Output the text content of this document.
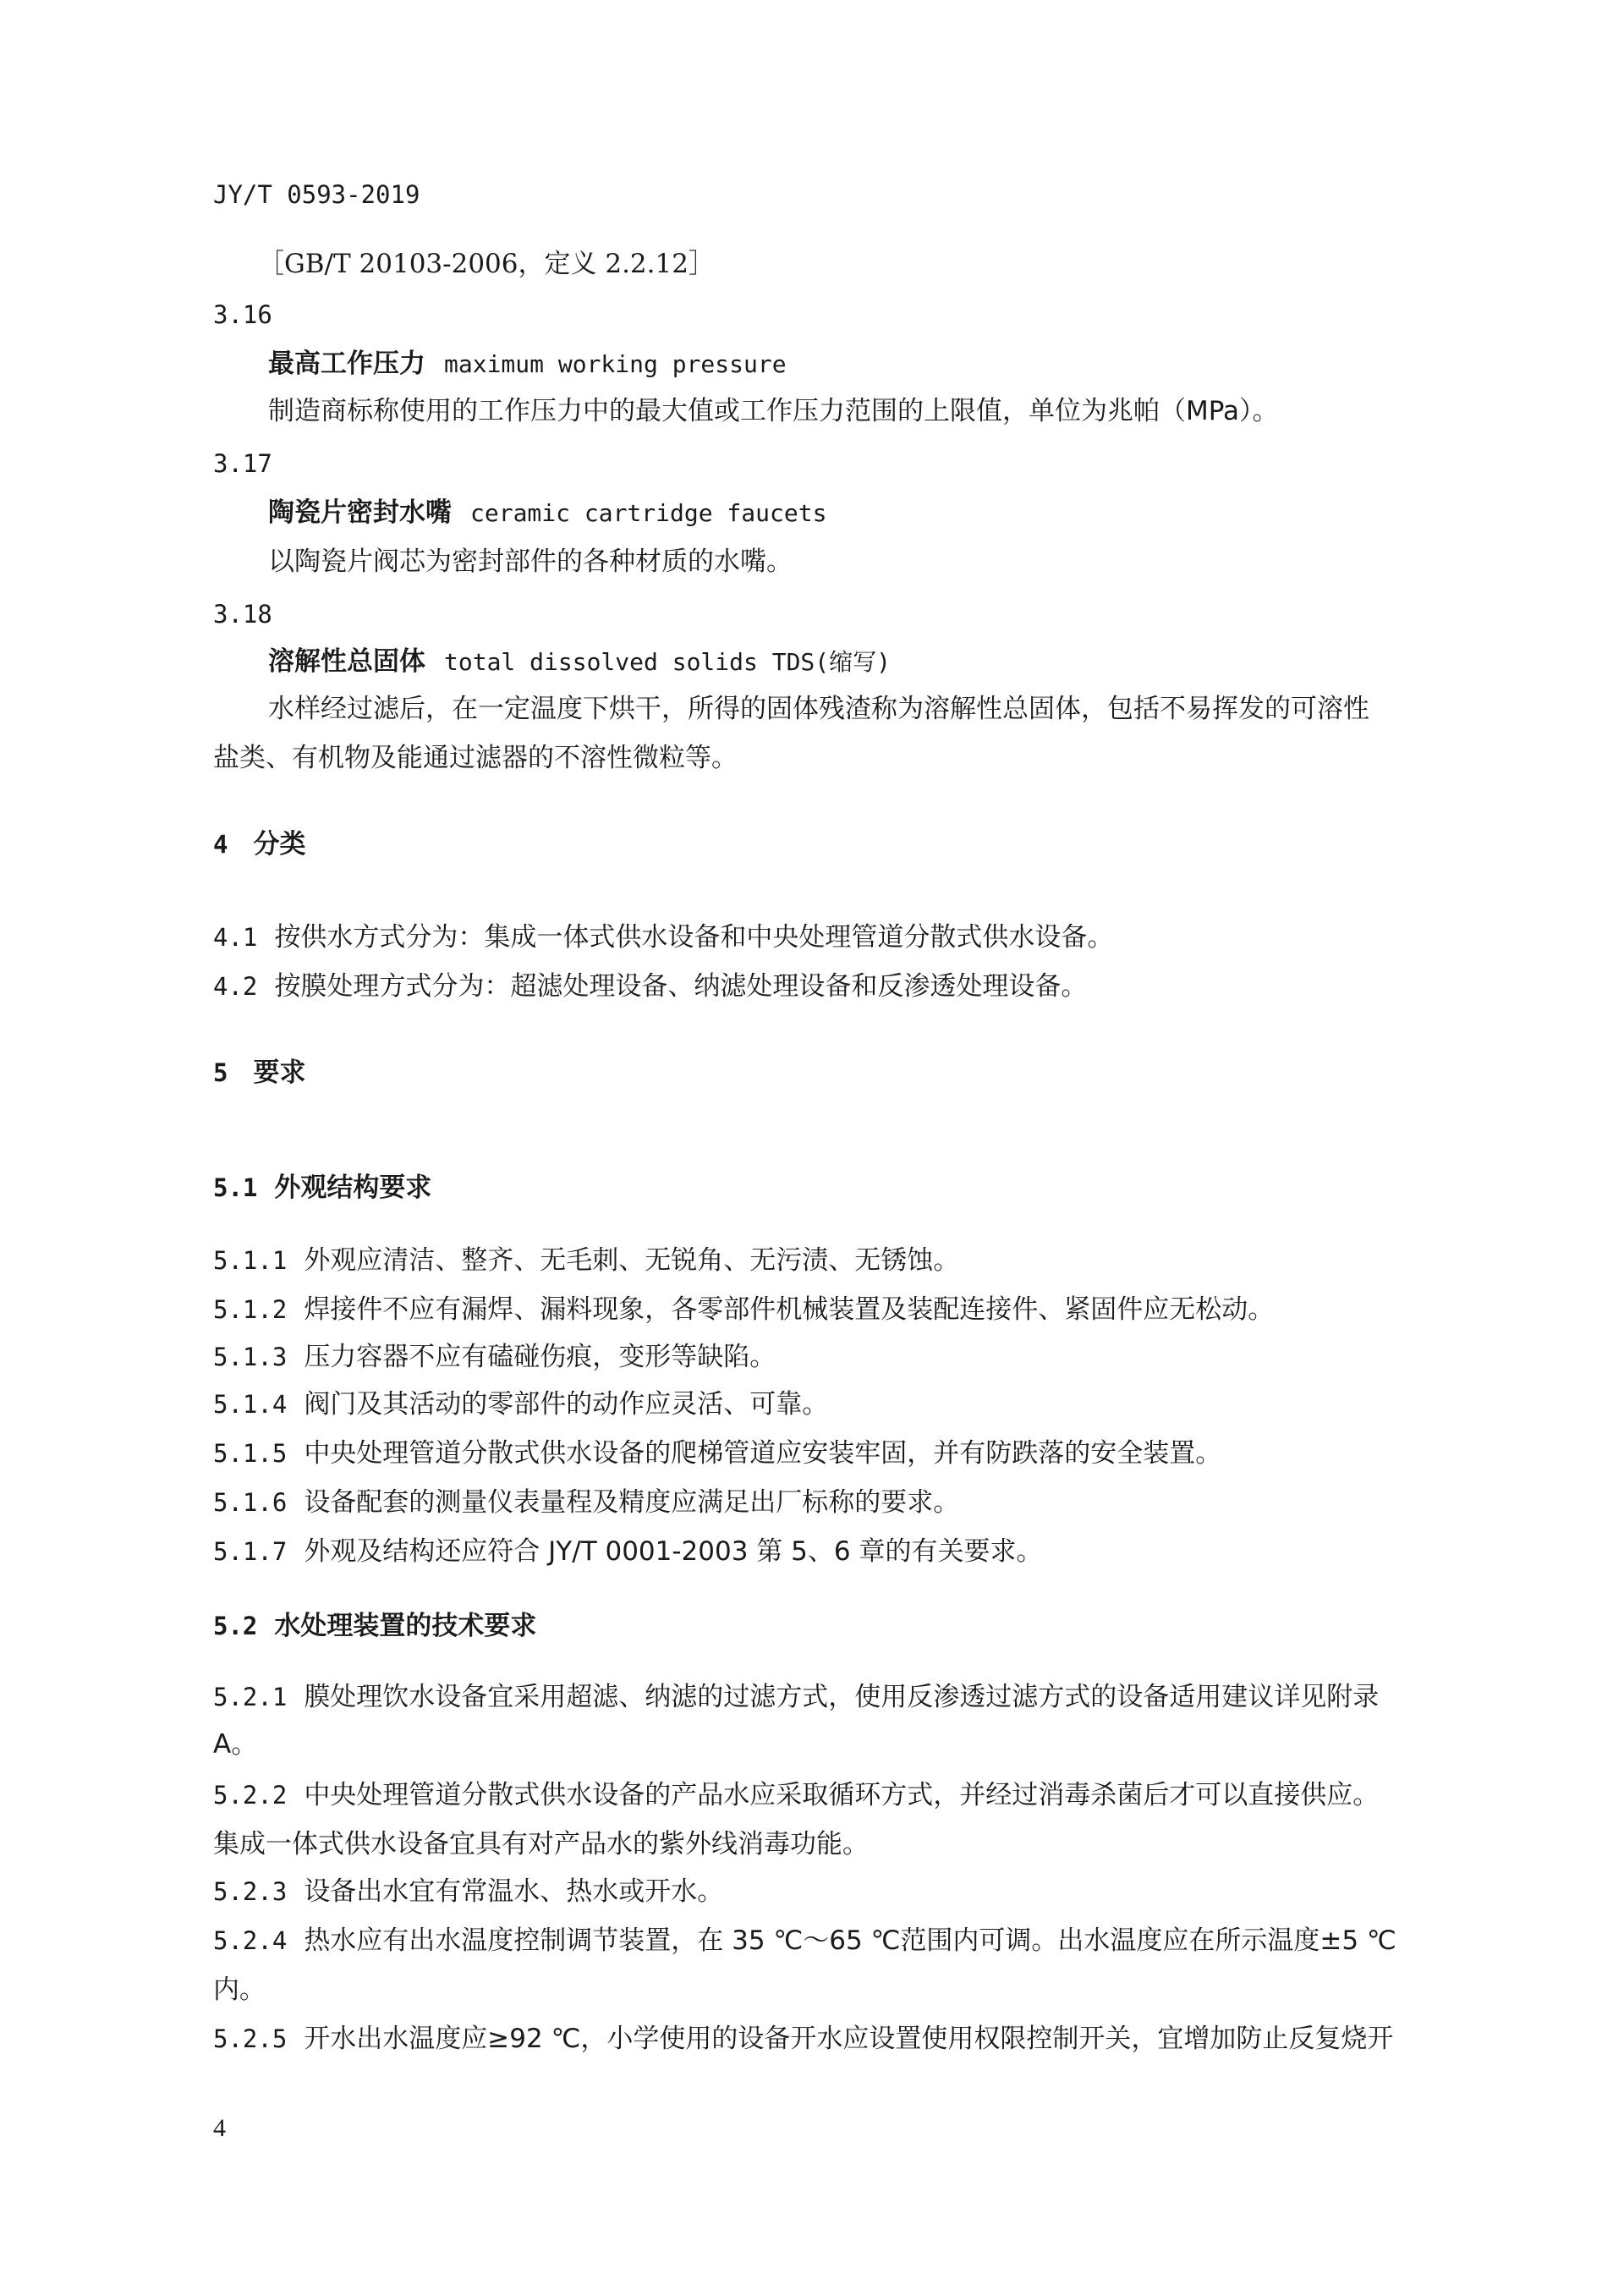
JY/T 0593-2019

［GB/T 20103-2006，定义 2.2.12］

3.16

最高工作压力 maximum working pressure

制造商标称使用的工作压力中的最大值或工作压力范围的上限值，单位为兆帕（MPa）。

3.17

陶瓷片密封水嘴 ceramic cartridge faucets

以陶瓷片阀芯为密封部件的各种材质的水嘴。

3.18

溶解性总固体 total dissolved solids TDS(缩写)

水样经过滤后，在一定温度下烘干，所得的固体残渣称为溶解性总固体，包括不易挥发的可溶性

盐类、有机物及能通过滤器的不溶性微粒等。

4 分类

4.1 按供水方式分为：集成一体式供水设备和中央处理管道分散式供水设备。

4.2 按膜处理方式分为：超滤处理设备、纳滤处理设备和反渗透处理设备。

5 要求

5.1 外观结构要求

5.1.1 外观应清洁、整齐、无毛刺、无锐角、无污渍、无锈蚀。

5.1.2 焊接件不应有漏焊、漏料现象，各零部件机械装置及装配连接件、紧固件应无松动。

5.1.3 压力容器不应有磕碰伤痕，变形等缺陷。

5.1.4 阀门及其活动的零部件的动作应灵活、可靠。

5.1.5 中央处理管道分散式供水设备的爬梯管道应安装牢固，并有防跌落的安全装置。

5.1.6 设备配套的测量仪表量程及精度应满足出厂标称的要求。

5.1.7 外观及结构还应符合 JY/T 0001-2003 第 5、6 章的有关要求。

5.2 水处理装置的技术要求

5.2.1 膜处理饮水设备宜采用超滤、纳滤的过滤方式，使用反渗透过滤方式的设备适用建议详见附录

A。

5.2.2 中央处理管道分散式供水设备的产品水应采取循环方式，并经过消毒杀菌后才可以直接供应。

集成一体式供水设备宜具有对产品水的紫外线消毒功能。

5.2.3 设备出水宜有常温水、热水或开水。

5.2.4 热水应有出水温度控制调节装置，在 35 ℃～65 ℃范围内可调。出水温度应在所示温度±5 ℃

内。

5.2.5 开水出水温度应≥92 ℃，小学使用的设备开水应设置使用权限控制开关，宜增加防止反复烧开

4
